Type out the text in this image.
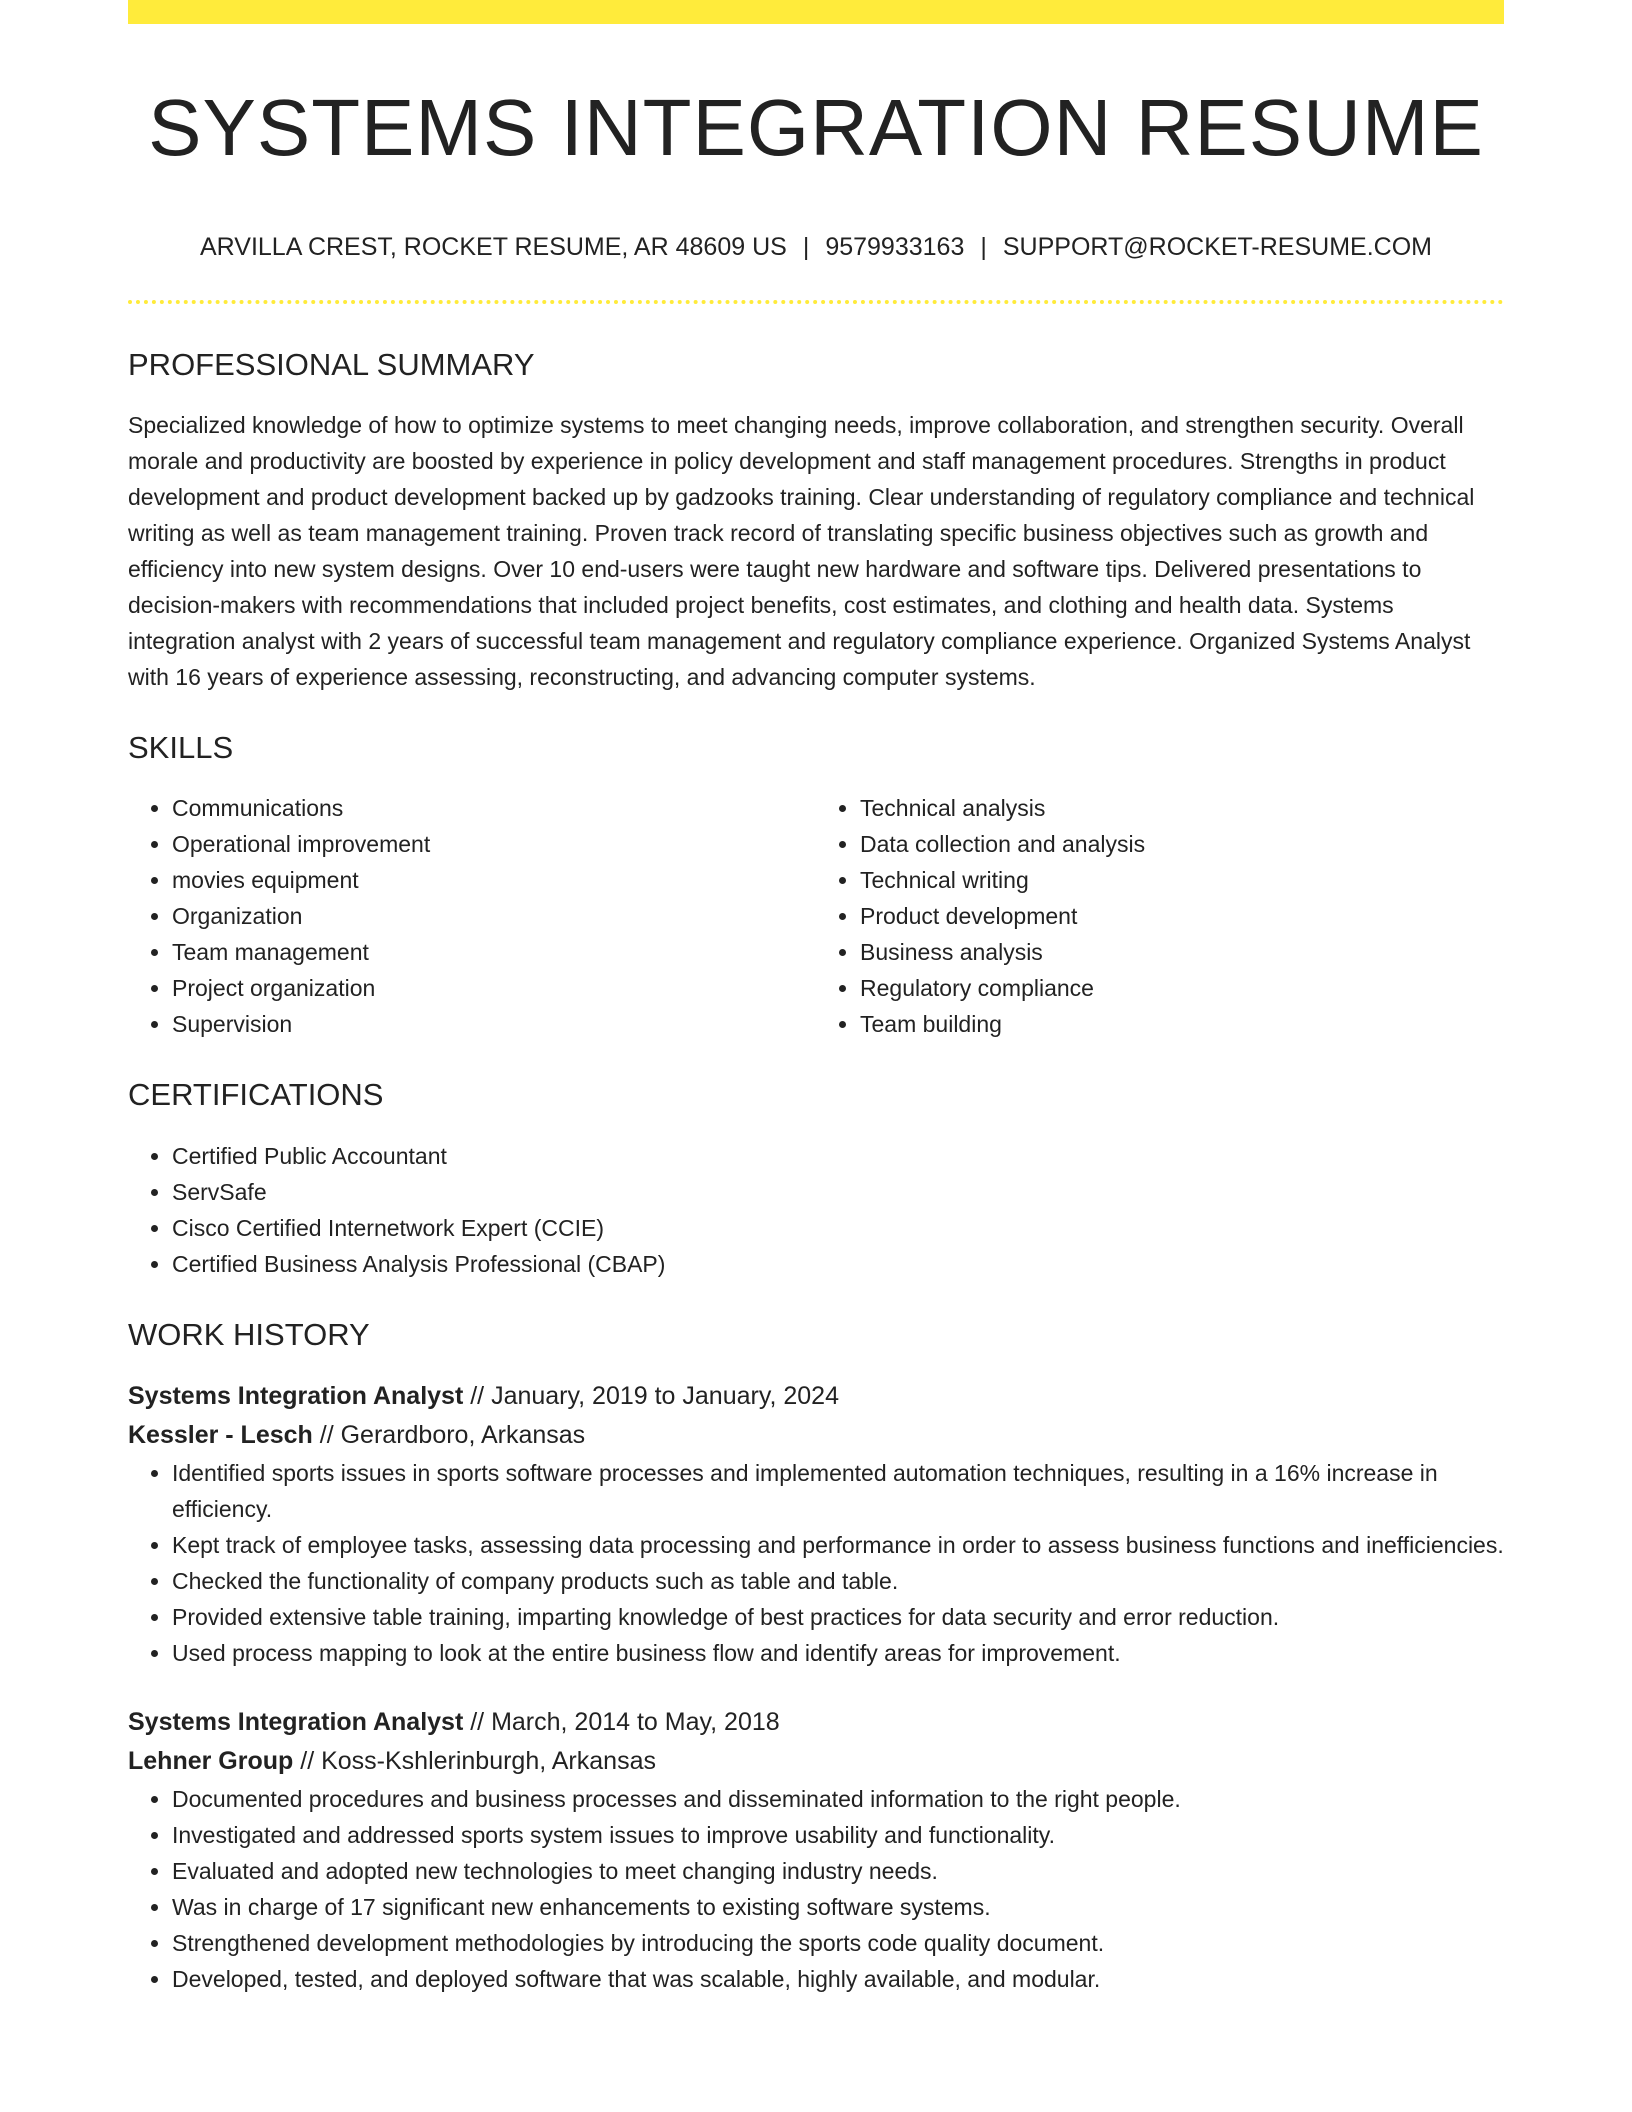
SYSTEMS INTEGRATION RESUME
ARVILLA CREST, ROCKET RESUME, AR 48609 US | 9579933163 | SUPPORT@ROCKET-RESUME.COM
PROFESSIONAL SUMMARY
Specialized knowledge of how to optimize systems to meet changing needs, improve collaboration, and strengthen security. Overall morale and productivity are boosted by experience in policy development and staff management procedures. Strengths in product development and product development backed up by gadzooks training. Clear understanding of regulatory compliance and technical writing as well as team management training. Proven track record of translating specific business objectives such as growth and efficiency into new system designs. Over 10 end-users were taught new hardware and software tips. Delivered presentations to decision-makers with recommendations that included project benefits, cost estimates, and clothing and health data. Systems integration analyst with 2 years of successful team management and regulatory compliance experience. Organized Systems Analyst with 16 years of experience assessing, reconstructing, and advancing computer systems.
SKILLS
• Communications
• Operational improvement
• movies equipment
• Organization
• Team management
• Project organization
• Supervision
• Technical analysis
• Data collection and analysis
• Technical writing
• Product development
• Business analysis
• Regulatory compliance
• Team building
CERTIFICATIONS
• Certified Public Accountant
• ServSafe
• Cisco Certified Internetwork Expert (CCIE)
• Certified Business Analysis Professional (CBAP)
WORK HISTORY
Systems Integration Analyst // January, 2019 to January, 2024
Kessler - Lesch // Gerardboro, Arkansas
• Identified sports issues in sports software processes and implemented automation techniques, resulting in a 16% increase in efficiency.
• Kept track of employee tasks, assessing data processing and performance in order to assess business functions and inefficiencies.
• Checked the functionality of company products such as table and table.
• Provided extensive table training, imparting knowledge of best practices for data security and error reduction.
• Used process mapping to look at the entire business flow and identify areas for improvement.
Systems Integration Analyst // March, 2014 to May, 2018
Lehner Group // Koss-Kshlerinburgh, Arkansas
• Documented procedures and business processes and disseminated information to the right people.
• Investigated and addressed sports system issues to improve usability and functionality.
• Evaluated and adopted new technologies to meet changing industry needs.
• Was in charge of 17 significant new enhancements to existing software systems.
• Strengthened development methodologies by introducing the sports code quality document.
• Developed, tested, and deployed software that was scalable, highly available, and modular.
